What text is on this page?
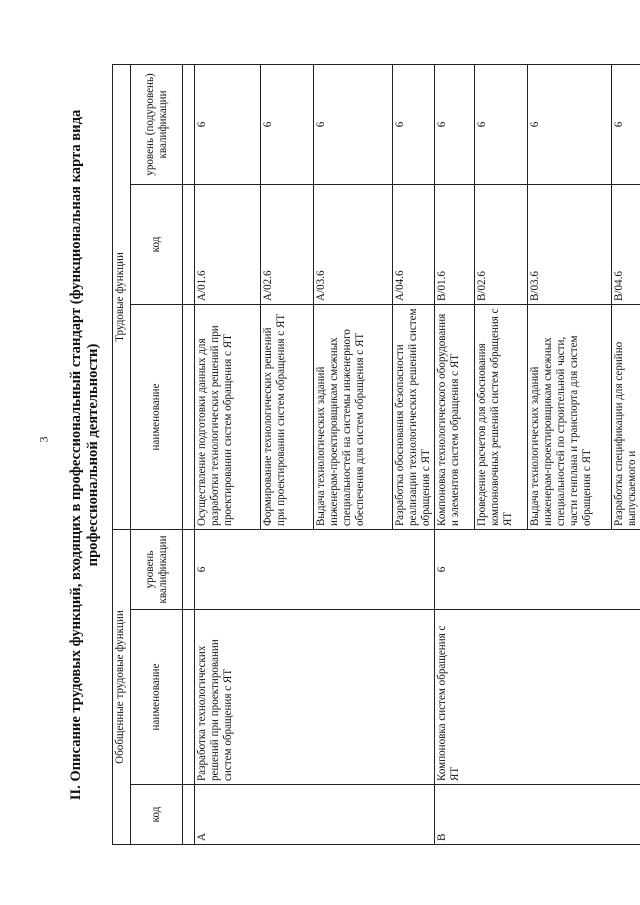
3 II. Описание трудовых функций, входящих в профессиональный стандарт (функциональная карта вида профессиональной деятельности)
Обобщенные трудовые функции			Трудовые функции		
код	наименование	уровень квалификации	наименование	код	уровень (подуровень) квалификации

A	Разработка технологических решений при проектировании систем обращения с ЯТ	6	Осуществление подготовки данных для разработки технологических решений при проектировании систем обращения с ЯТ	A/01.6	6
			Формирование технологических решений при проектировании систем обращения с ЯТ	A/02.6	6
			Выдача технологических заданий инженерам-проектировщикам смежных специальностей на системы инженерного обеспечения для систем обращения с ЯТ	A/03.6	6
			Разработка обоснования безопасности реализации технологических решений систем обращения с ЯТ	A/04.6	6
B	Компоновка систем обращения с ЯТ	6	Компоновка технологического оборудования и элементов систем обращения с ЯТ	B/01.6	6
			Проведение расчетов для обоснования компоновочных решений систем обращения с ЯТ	B/02.6	6
			Выдача технологических заданий инженерам-проектировщикам смежных специальностей по строительной части, части генплана и транспорта для систем обращения с ЯТ	B/03.6	6
			Разработка спецификации для серийно выпускаемого и	B/04.6	6
